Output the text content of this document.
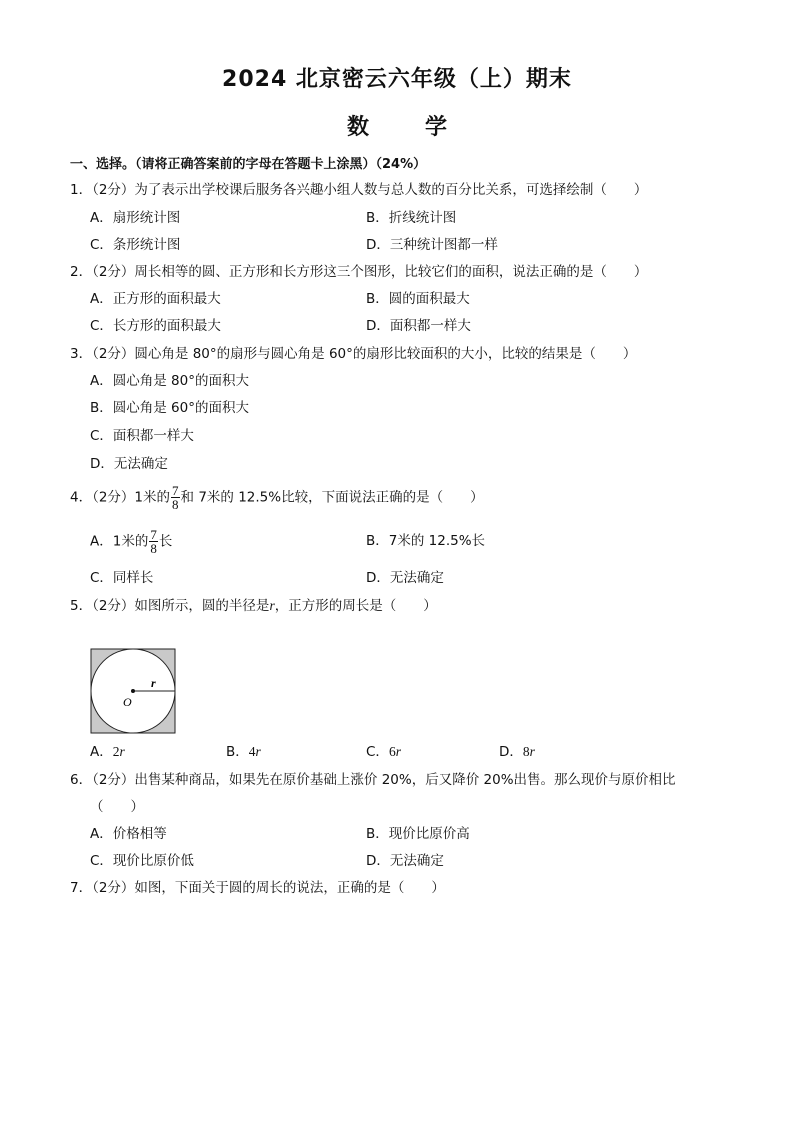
2024 北京密云六年级（上）期末
数	学
一、选择。（请将正确答案前的字母在答题卡上涂黑）（24%）
1．（2分）为了表示出学校课后服务各兴趣小组人数与总人数的百分比关系，可选择绘制（　　）
A．扇形统计图	B．折线统计图
C．条形统计图	D．三种统计图都一样
2．（2分）周长相等的圆、正方形和长方形这三个图形，比较它们的面积，说法正确的是（　　）
A．正方形的面积最大	B．圆的面积最大
C．长方形的面积最大	D．面积都一样大
3．（2分）圆心角是 80°的扇形与圆心角是 60°的扇形比较面积的大小，比较的结果是（　　）
A．圆心角是 80°的面积大
B．圆心角是 60°的面积大
C．面积都一样大
D．无法确定
4．（2分）1米的 $\frac{7}{8}$ 和 7米的 12.5%比较，下面说法正确的是（　　）
A．1米的 $\frac{7}{8}$ 长	B．7米的 12.5%长
C．同样长	D．无法确定
5．（2分）如图所示，圆的半径是r，正方形的周长是（　　）
r
O
A．2r	B．4r	C．6r	D．8r
6．（2分）出售某种商品，如果先在原价基础上涨价 20%，后又降价 20%出售。那么现价与原价相比
（　　）
A．价格相等	B．现价比原价高
C．现价比原价低	D．无法确定
7．（2分）如图，下面关于圆的周长的说法，正确的是（　　）
